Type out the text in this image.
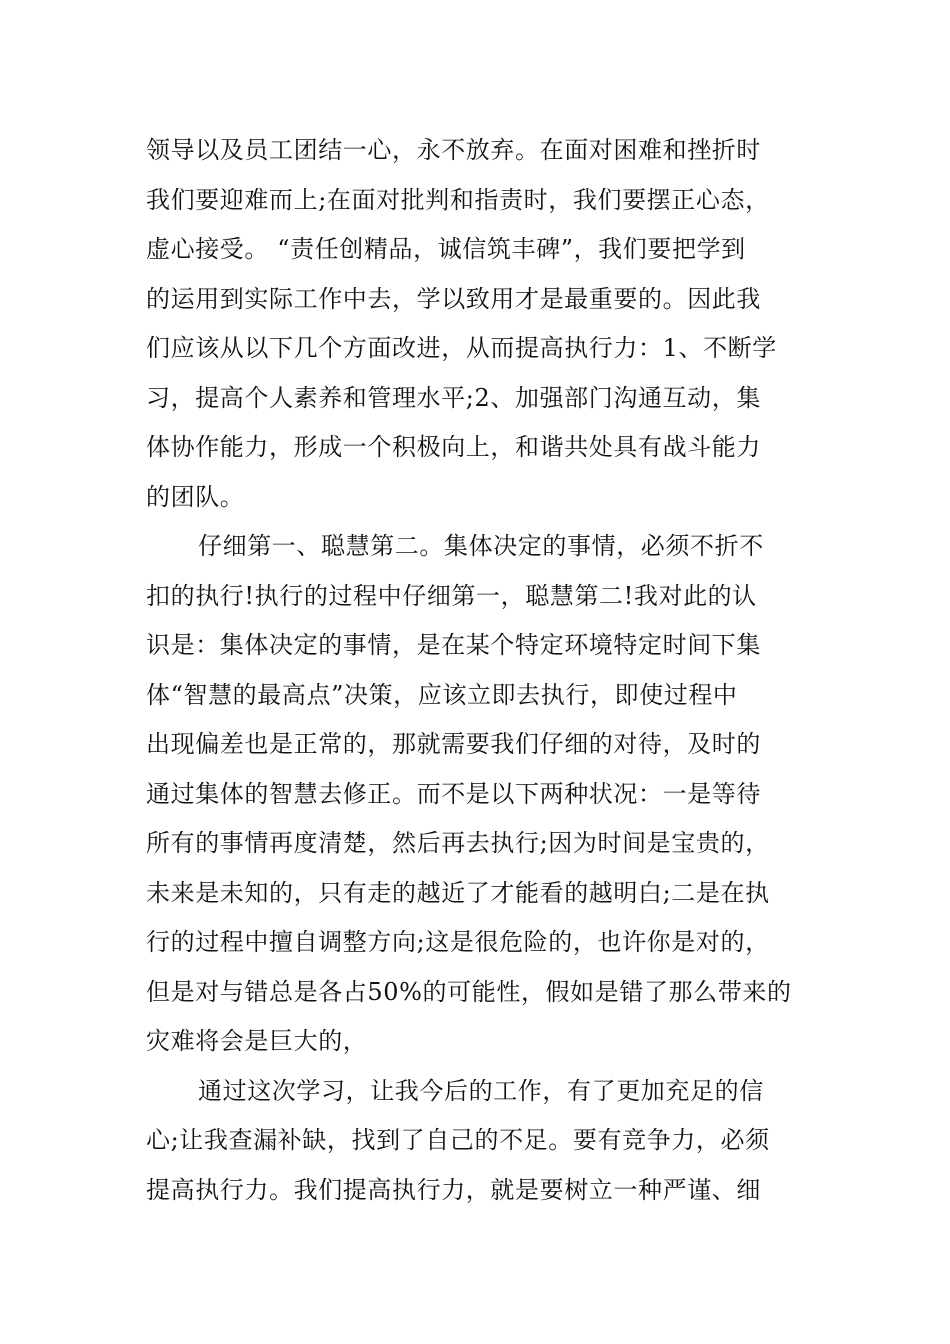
领导以及员工团结一心，永不放弃。在面对困难和挫折时
我们要迎难而上;在面对批判和指责时，我们要摆正心态，
虚心接受。 “责任创精品，诚信筑丰碑”，我们要把学到
的运用到实际工作中去，学以致用才是最重要的。因此我
们应该从以下几个方面改进，从而提高执行力：1、不断学
习，提高个人素养和管理水平;2、加强部门沟通互动，集
体协作能力，形成一个积极向上，和谐共处具有战斗能力
的团队。
仔细第一、聪慧第二。集体决定的事情，必须不折不
扣的执行!执行的过程中仔细第一，聪慧第二!我对此的认
识是：集体决定的事情，是在某个特定环境特定时间下集
体“智慧的最高点”决策，应该立即去执行，即使过程中
出现偏差也是正常的，那就需要我们仔细的对待，及时的
通过集体的智慧去修正。而不是以下两种状况：一是等待
所有的事情再度清楚，然后再去执行;因为时间是宝贵的，
未来是未知的，只有走的越近了才能看的越明白;二是在执
行的过程中擅自调整方向;这是很危险的，也许你是对的，
但是对与错总是各占50%的可能性，假如是错了那么带来的
灾难将会是巨大的，
通过这次学习，让我今后的工作，有了更加充足的信
心;让我查漏补缺，找到了自己的不足。要有竞争力，必须
提高执行力。我们提高执行力，就是要树立一种严谨、细
